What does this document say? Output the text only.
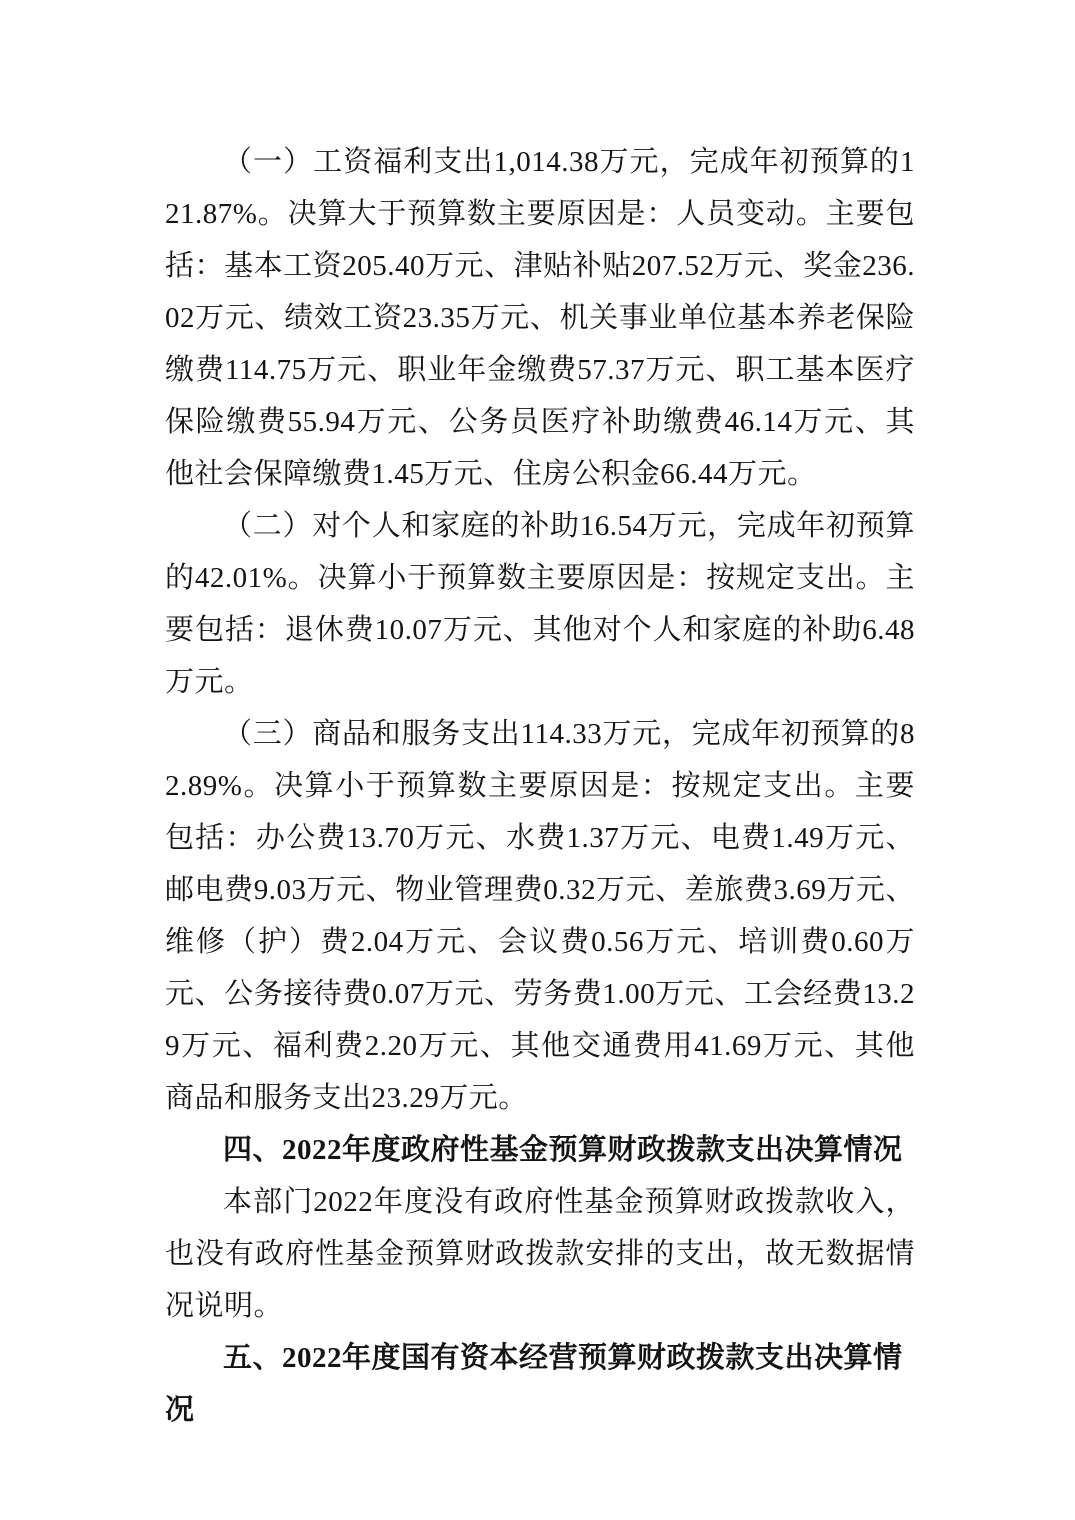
（一）工资福利支出1,014.38万元，完成年初预算的121.87%。决算大于预算数主要原因是：人员变动。主要包括：基本工资205.40万元、津贴补贴207.52万元、奖金236.02万元、绩效工资23.35万元、机关事业单位基本养老保险缴费114.75万元、职业年金缴费57.37万元、职工基本医疗保险缴费55.94万元、公务员医疗补助缴费46.14万元、其他社会保障缴费1.45万元、住房公积金66.44万元。

（二）对个人和家庭的补助16.54万元，完成年初预算的42.01%。决算小于预算数主要原因是：按规定支出。主要包括：退休费10.07万元、其他对个人和家庭的补助6.48万元。

（三）商品和服务支出114.33万元，完成年初预算的82.89%。决算小于预算数主要原因是：按规定支出。主要包括：办公费13.70万元、水费1.37万元、电费1.49万元、邮电费9.03万元、物业管理费0.32万元、差旅费3.69万元、维修（护）费2.04万元、会议费0.56万元、培训费0.60万元、公务接待费0.07万元、劳务费1.00万元、工会经费13.29万元、福利费2.20万元、其他交通费用41.69万元、其他商品和服务支出23.29万元。

四、2022年度政府性基金预算财政拨款支出决算情况

本部门2022年度没有政府性基金预算财政拨款收入，也没有政府性基金预算财政拨款安排的支出，故无数据情况说明。

五、2022年度国有资本经营预算财政拨款支出决算情况
